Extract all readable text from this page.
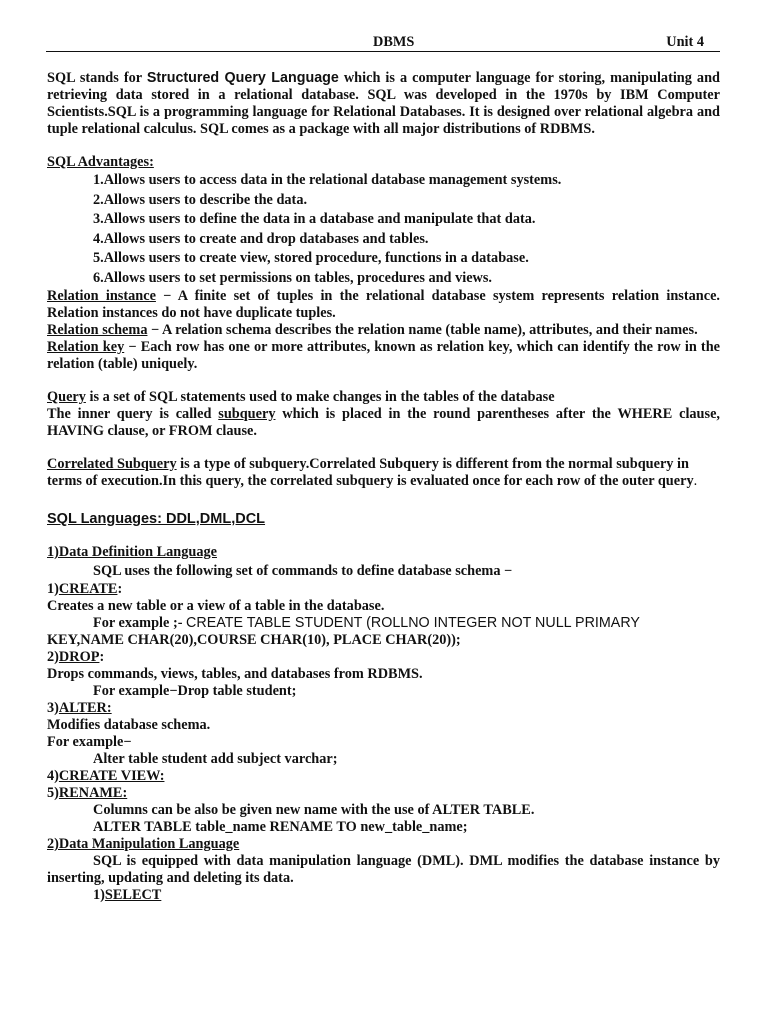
DBMS	Unit 4

SQL stands for Structured Query Language which is a computer language for storing, manipulating and retrieving data stored in a relational database. SQL was developed in the 1970s by IBM Computer Scientists.SQL is a programming language for Relational Databases. It is designed over relational algebra and tuple relational calculus. SQL comes as a package with all major distributions of RDBMS.

SQL Advantages:

1.Allows users to access data in the relational database management systems.

2.Allows users to describe the data.

3.Allows users to define the data in a database and manipulate that data.

4.Allows users to create and drop databases and tables.

5.Allows users to create view, stored procedure, functions in a database.

6.Allows users to set permissions on tables, procedures and views.

Relation instance − A finite set of tuples in the relational database system represents relation instance. Relation instances do not have duplicate tuples.

Relation schema − A relation schema describes the relation name (table name), attributes, and their names.

Relation key − Each row has one or more attributes, known as relation key, which can identify the row in the relation (table) uniquely.

Query is a set of SQL statements used to make changes in the tables of the database

The inner query is called subquery which is placed in the round parentheses after the WHERE clause, HAVING clause, or FROM clause.

Correlated Subquery is a type of subquery.Correlated Subquery is different from the normal subquery in terms of execution.In this query, the correlated subquery is evaluated once for each row of the outer query.

SQL Languages: DDL,DML,DCL

1)Data Definition Language

SQL uses the following set of commands to define database schema −

1)CREATE:

Creates a new table or a view of a table in the database.

For example ;- CREATE TABLE STUDENT (ROLLNO INTEGER NOT NULL PRIMARY

KEY,NAME CHAR(20),COURSE CHAR(10), PLACE CHAR(20));

2)DROP:

Drops commands, views, tables, and databases from RDBMS.

For example−Drop table student;

3)ALTER:

Modifies database schema.

For example−

Alter table student add subject varchar;

4)CREATE VIEW:

5)RENAME:

Columns can be also be given new name with the use of ALTER TABLE.

ALTER TABLE table_name RENAME TO new_table_name;

2)Data Manipulation Language

SQL is equipped with data manipulation language (DML). DML modifies the database instance by inserting, updating and deleting its data.

1)SELECT
